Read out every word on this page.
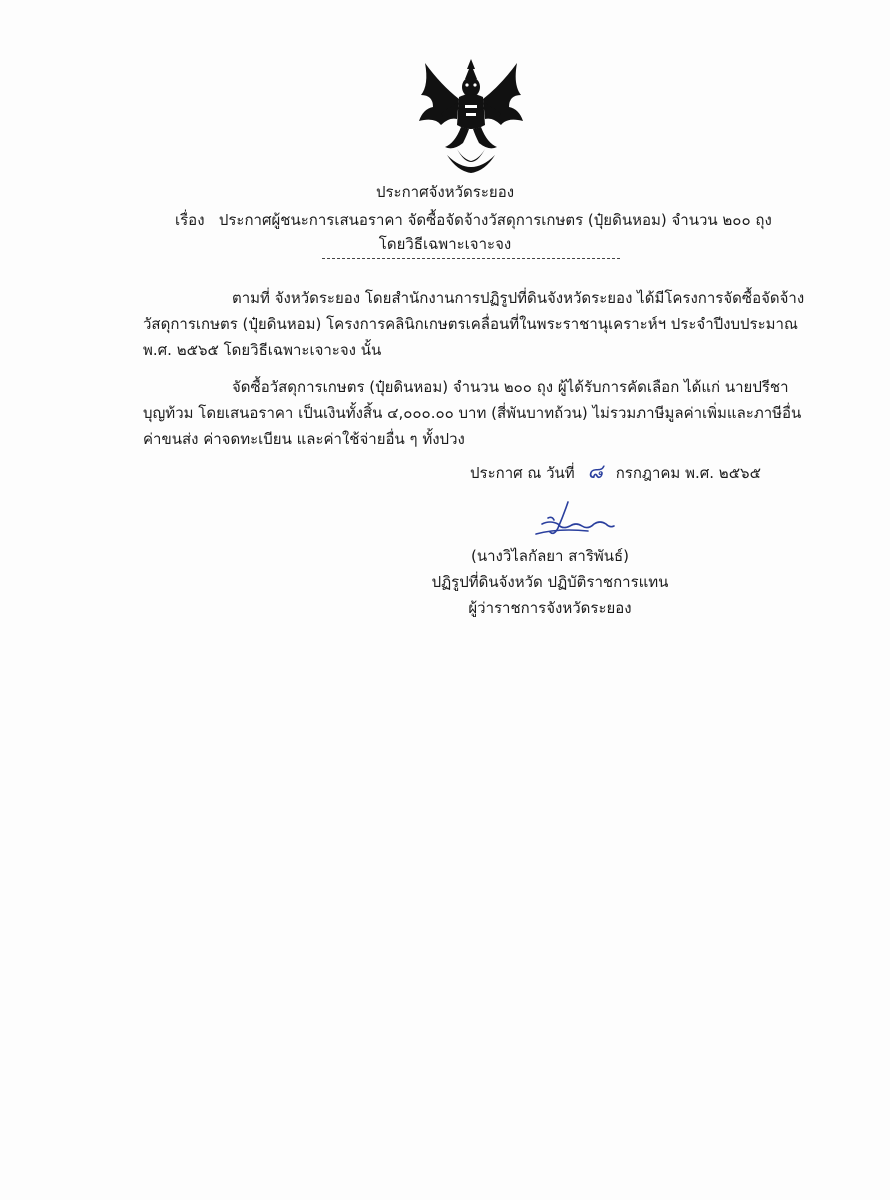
ประกาศจังหวัดระยอง
เรื่อง ประกาศผู้ชนะการเสนอราคา จัดซื้อจัดจ้างวัสดุการเกษตร (ปุ๋ยดินหอม) จำนวน ๒๐๐ ถุง
โดยวิธีเฉพาะเจาะจง
ตามที่ จังหวัดระยอง โดยสำนักงานการปฏิรูปที่ดินจังหวัดระยอง ได้มีโครงการจัดซื้อจัดจ้าง
วัสดุการเกษตร (ปุ๋ยดินหอม) โครงการคลินิกเกษตรเคลื่อนที่ในพระราชานุเคราะห์ฯ ประจำปีงบประมาณ
พ.ศ. ๒๕๖๕ โดยวิธีเฉพาะเจาะจง นั้น
จัดซื้อวัสดุการเกษตร (ปุ๋ยดินหอม) จำนวน ๒๐๐ ถุง ผู้ได้รับการคัดเลือก ได้แก่ นายปรีชา
บุญท้วม โดยเสนอราคา เป็นเงินทั้งสิ้น ๔,๐๐๐.๐๐ บาท (สี่พันบาทถ้วน) ไม่รวมภาษีมูลค่าเพิ่มและภาษีอื่น
ค่าขนส่ง ค่าจดทะเบียน และค่าใช้จ่ายอื่น ๆ ทั้งปวง
ประกาศ ณ วันที่ ๘ กรกฎาคม พ.ศ. ๒๕๖๕
(นางวิไลกัลยา สาริพันธ์)
ปฏิรูปที่ดินจังหวัด ปฏิบัติราชการแทน
ผู้ว่าราชการจังหวัดระยอง
